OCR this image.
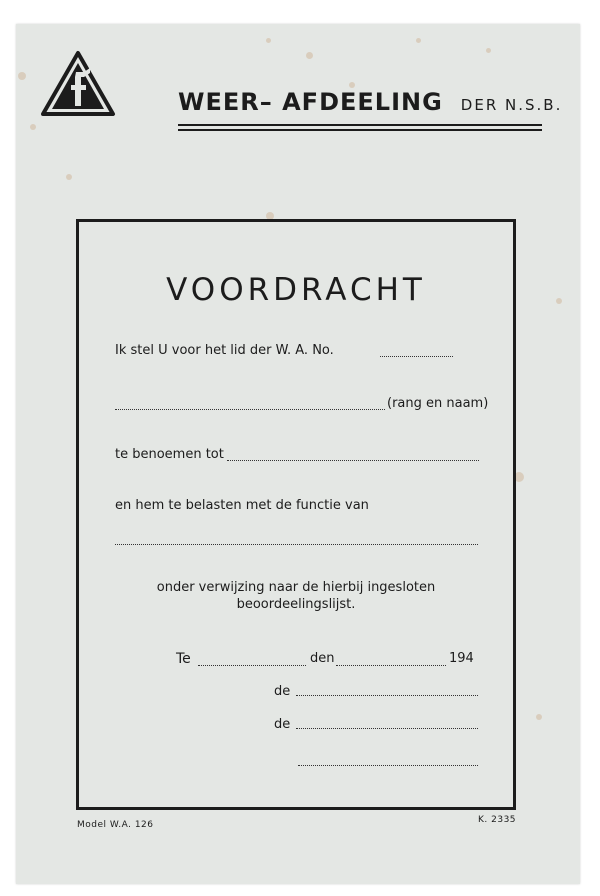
WEER– AFDEELING DER N.S.B.
VOORDRACHT
Ik stel U voor het lid der W. A. No.
(rang en naam)
te benoemen tot
en hem te belasten met de functie van
onder verwijzing naar de hierbij ingesloten
beoordeelingslijst.
Te	den	194
de
de
Model W.A. 126	K. 2335
